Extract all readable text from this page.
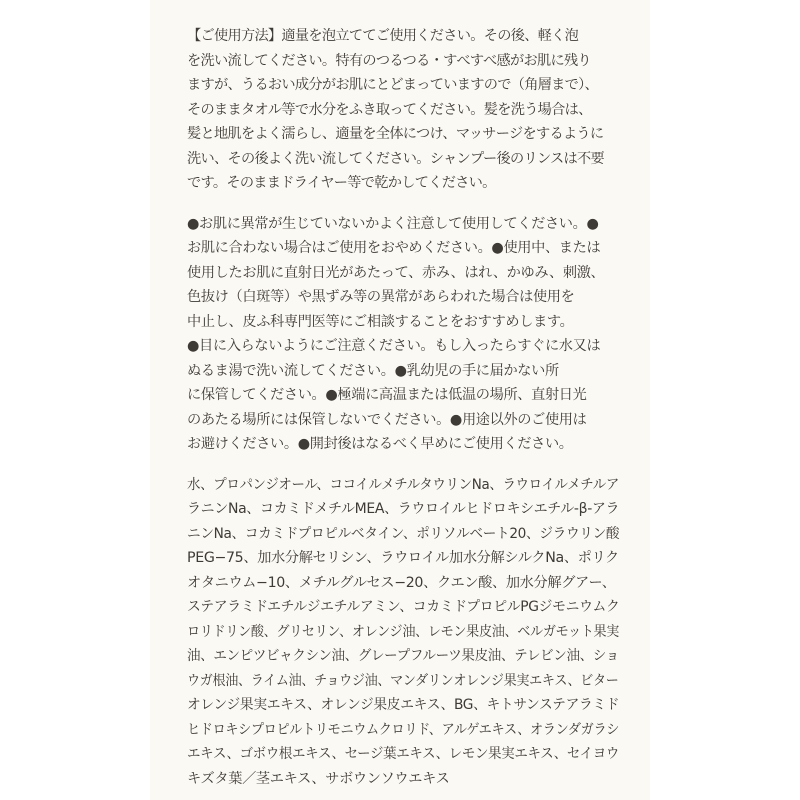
【ご使用方法】適量を泡立ててご使用ください。その後、軽く泡
を洗い流してください。特有のつるつる・すべすべ感がお肌に残り
ますが、うるおい成分がお肌にとどまっていますので（角層まで）、
そのままタオル等で水分をふき取ってください。髪を洗う場合は、
髪と地肌をよく濡らし、適量を全体につけ、マッサージをするように
洗い、その後よく洗い流してください。シャンプー後のリンスは不要
です。そのままドライヤー等で乾かしてください。
●お肌に異常が生じていないかよく注意して使用してください。●
お肌に合わない場合はご使用をおやめください。●使用中、または
使用したお肌に直射日光があたって、赤み、はれ、かゆみ、刺激、
色抜け（白斑等）や黒ずみ等の異常があらわれた場合は使用を
中止し、皮ふ科専門医等にご相談することをおすすめします。
●目に入らないようにご注意ください。もし入ったらすぐに水又は
ぬるま湯で洗い流してください。●乳幼児の手に届かない所
に保管してください。●極端に高温または低温の場所、直射日光
のあたる場所には保管しないでください。●用途以外のご使用は
お避けください。●開封後はなるべく早めにご使用ください。
水、プロパンジオール、ココイルメチルタウリンNa、ラウロイルメチルア
ラニンNa、コカミドメチルMEA、ラウロイルヒドロキシエチル-β-アラ
ニンNa、コカミドプロピルベタイン、ポリソルベート20、ジラウリン酸
PEG−75、加水分解セリシン、ラウロイル加水分解シルクNa、ポリク
オタニウム−10、メチルグルセス−20、クエン酸、加水分解グアー、
ステアラミドエチルジエチルアミン、コカミドプロピルPGジモニウムク
ロリドリン酸、グリセリン、オレンジ油、レモン果皮油、ベルガモット果実
油、エンピツビャクシン油、グレープフルーツ果皮油、テレビン油、ショ
ウガ根油、ライム油、チョウジ油、マンダリンオレンジ果実エキス、ビター
オレンジ果実エキス、オレンジ果皮エキス、BG、キトサンステアラミド
ヒドロキシプロピルトリモニウムクロリド、アルゲエキス、オランダガラシ
エキス、ゴボウ根エキス、セージ葉エキス、レモン果実エキス、セイヨウ
キズタ葉／茎エキス、サボウンソウエキス
